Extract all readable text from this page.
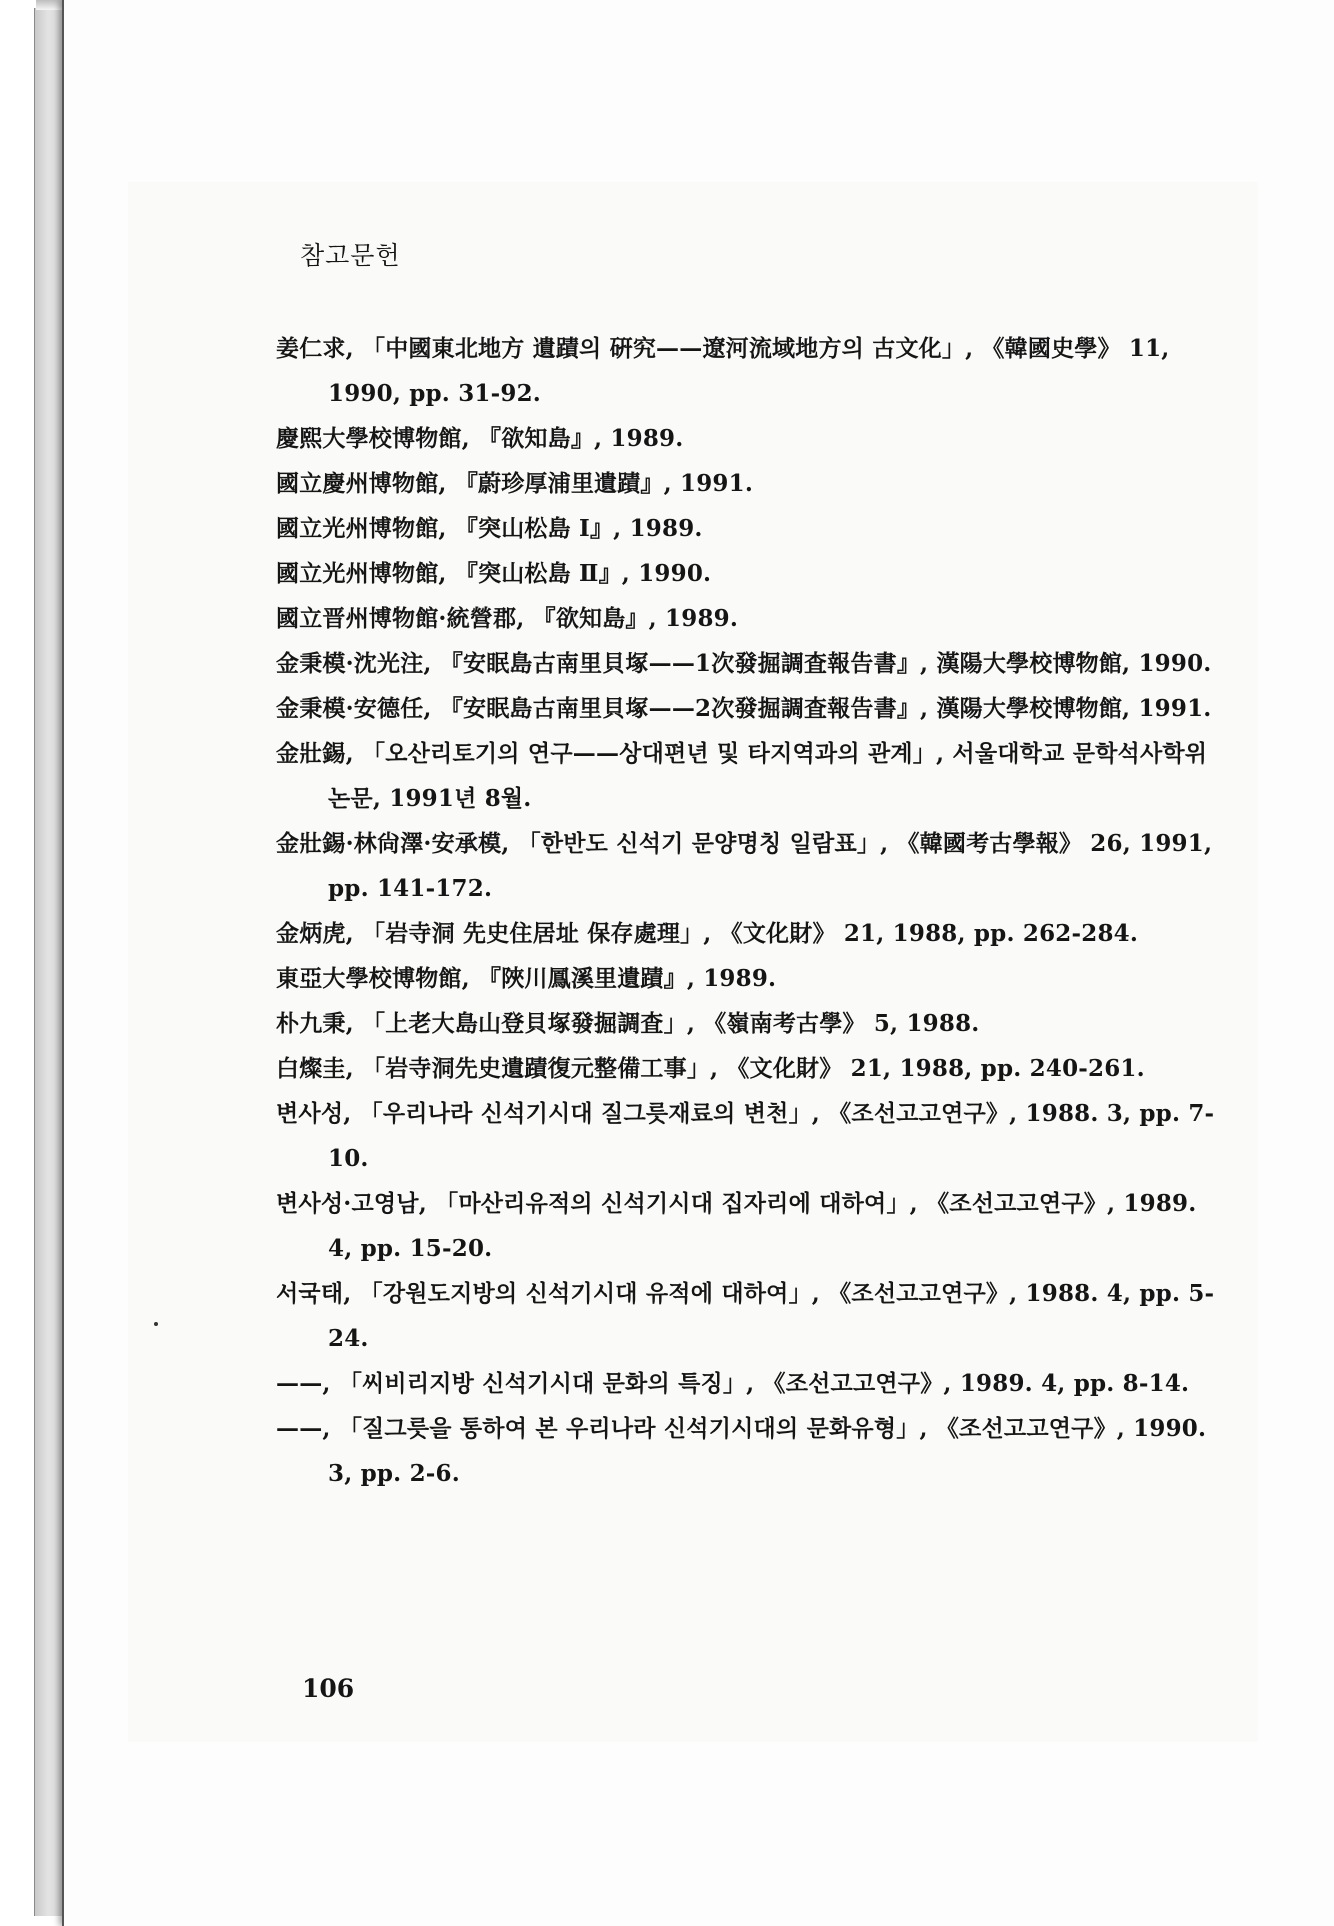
참고문헌
姜仁求, 「中國東北地方 遺蹟의 硏究——遼河流域地方의 古文化」, 《韓國史學》 11, 1990, pp. 31-92.
慶熙大學校博物館, 『欲知島』, 1989.
國立慶州博物館, 『蔚珍厚浦里遺蹟』, 1991.
國立光州博物館, 『突山松島 Ⅰ』, 1989.
國立光州博物館, 『突山松島 Ⅱ』, 1990.
國立晋州博物館·統營郡, 『欲知島』, 1989.
金秉模·沈光注, 『安眠島古南里貝塚——1次發掘調査報告書』, 漢陽大學校博物館, 1990.
金秉模·安德任, 『安眠島古南里貝塚——2次發掘調査報告書』, 漢陽大學校博物館, 1991.
金壯錫, 「오산리토기의 연구——상대편년 및 타지역과의 관계」, 서울대학교 문학석사학위논문, 1991년 8월.
金壯錫·林尙澤·安承模, 「한반도 신석기 문양명칭 일람표」, 《韓國考古學報》 26, 1991, pp. 141-172.
金炳虎, 「岩寺洞 先史住居址 保存處理」, 《文化財》 21, 1988, pp. 262-284.
東亞大學校博物館, 『陜川鳳溪里遺蹟』, 1989.
朴九秉, 「上老大島山登貝塚發掘調査」, 《嶺南考古學》 5, 1988.
白燦圭, 「岩寺洞先史遺蹟復元整備工事」, 《文化財》 21, 1988, pp. 240-261.
변사성, 「우리나라 신석기시대 질그릇재료의 변천」, 《조선고고연구》, 1988. 3, pp. 7-10.
변사성·고영남, 「마산리유적의 신석기시대 집자리에 대하여」, 《조선고고연구》, 1989. 4, pp. 15-20.
서국태, 「강원도지방의 신석기시대 유적에 대하여」, 《조선고고연구》, 1988. 4, pp. 5-24.
——, 「씨비리지방 신석기시대 문화의 특징」, 《조선고고연구》, 1989. 4, pp. 8-14.
——, 「질그릇을 통하여 본 우리나라 신석기시대의 문화유형」, 《조선고고연구》, 1990. 3, pp. 2-6.
106
